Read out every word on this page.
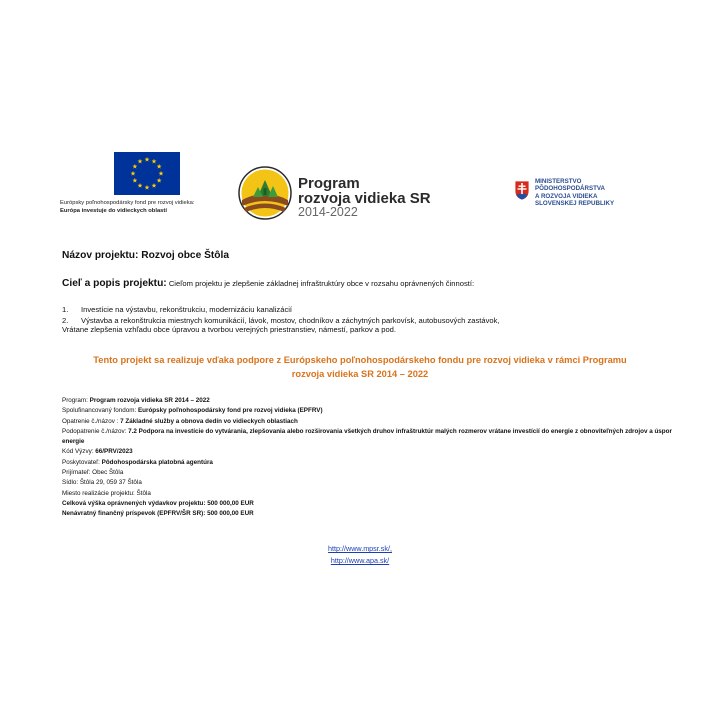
Európsky poľnohospodársky fond pre rozvoj vidieka:
Európa investuje do vidieckych oblastí
Program
rozvoja vidieka SR
2014-2022
MINISTERSTVO
PÔDOHOSPODÁRSTVA
A ROZVOJA VIDIEKA
SLOVENSKEJ REPUBLIKY
Názov projektu: Rozvoj obce Štôla
Cieľ a popis projektu: Cieľom projektu je zlepšenie základnej infraštruktúry obce v rozsahu oprávnených činností:
1. Investície na výstavbu, rekonštrukciu, modernizáciu kanalizácií
2. Výstavba a rekonštrukcia miestnych komunikácií, lávok, mostov, chodníkov a záchytných parkovísk, autobusových zastávok,
Vrátane zlepšenia vzhľadu obce úpravou a tvorbou verejných priestranstiev, námestí, parkov a pod.
Tento projekt sa realizuje vďaka podpore z Európskeho poľnohospodárskeho fondu pre rozvoj vidieka v rámci Programu
rozvoja vidieka SR 2014 – 2022
Program: Program rozvoja vidieka SR 2014 – 2022
Spolufinancovaný fondom: Európsky poľnohospodársky fond pre rozvoj vidieka (EPFRV)
Opatrenie č./názov : 7 Základné služby a obnova dedín vo vidieckych oblastiach
Podopatrenie č./názov: 7.2 Podpora na investície do vytvárania, zlepšovania alebo rozširovania všetkých druhov infraštruktúr malých rozmerov vrátane investícií do energie z obnoviteľných zdrojov a úspor energie
Kód Výzvy: 66/PRV/2023
Poskytovateľ: Pôdohospodárska platobná agentúra
Prijímateľ: Obec Štôla
Sídlo: Štôla 29, 059 37 Štôla
Miesto realizácie projektu: Štôla
Celková výška oprávnených výdavkov projektu: 500 000,00 EUR
Nenávratný finančný príspevok (EPFRV/ŠR SR): 500 000,00 EUR
http://www.mpsr.sk/,
http://www.apa.sk/
